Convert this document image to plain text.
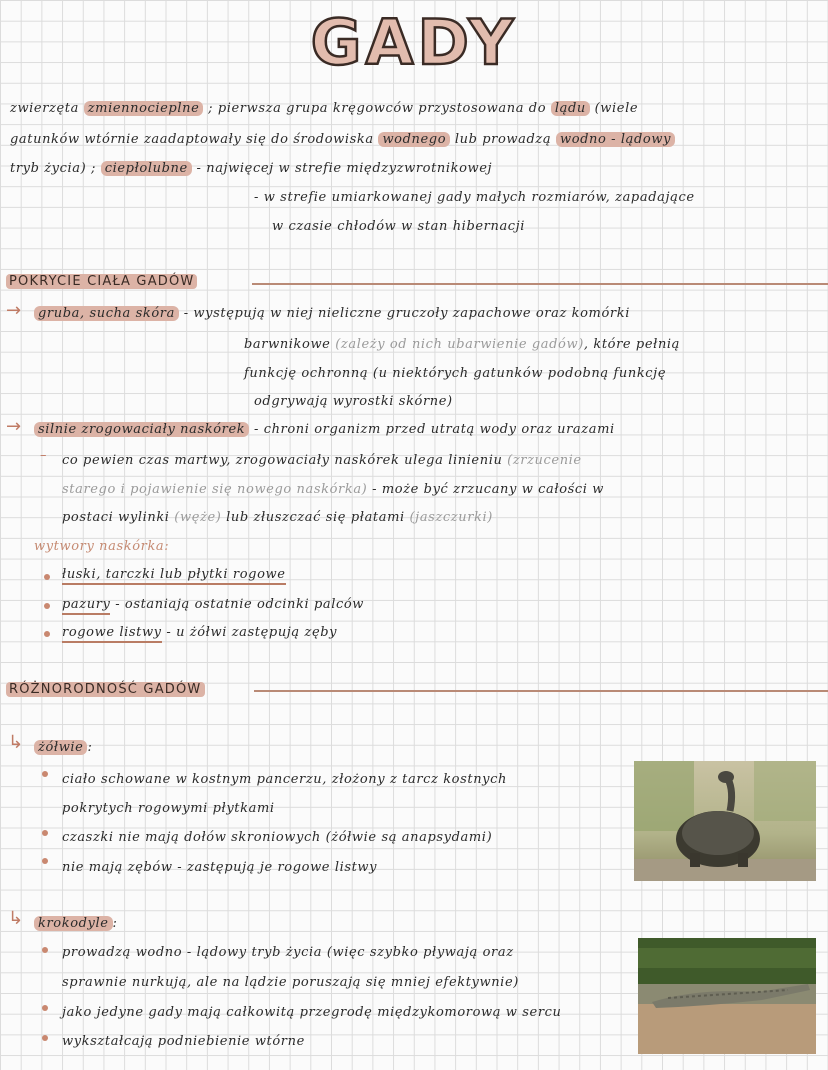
GADY
zwierzęta zmiennocieplne ; pierwsza grupa kręgowców przystosowana do lądu (wiele
gatunków wtórnie zaadaptowały się do środowiska wodnego lub prowadzą wodno - lądowy
tryb życia) ; ciepłolubne - najwięcej w strefie międzyzwrotnikowej
- w strefie umiarkowanej gady małych rozmiarów, zapadające
w czasie chłodów w stan hibernacji
POKRYCIE CIAŁA GADÓW
→	gruba, sucha skóra - występują w niej nieliczne gruczoły zapachowe oraz komórki
barwnikowe (zależy od nich ubarwienie gadów), które pełnią
funkcję ochronną (u niektórych gatunków podobną funkcję
odgrywają wyrostki skórne)
→	silnie zrogowaciały naskórek - chroni organizm przed utratą wody oraz urazami
– co pewien czas martwy, zrogowaciały naskórek ulega linieniu (zrzucenie
starego i pojawienie się nowego naskórka) - może być zrzucany w całości w
postaci wylinki (węże) lub złuszczać się płatami (jaszczurki)
wytwory naskórka:
łuski, tarczki lub płytki rogowe
pazury - ostaniają ostatnie odcinki palców
rogowe listwy - u żółwi zastępują zęby
RÓŻNORODNOŚĆ GADÓW
↳	żółwie :
ciało schowane w kostnym pancerzu, złożony z tarcz kostnych
pokrytych rogowymi płytkami
czaszki nie mają dołów skroniowych (żółwie są anapsydami)
nie mają zębów - zastępują je rogowe listwy
↳	krokodyle :
prowadzą wodno - lądowy tryb życia (więc szybko pływają oraz
sprawnie nurkują, ale na lądzie poruszają się mniej efektywnie)
jako jedyne gady mają całkowitą przegrodę międzykomorową w sercu
wykształcają podniebienie wtórne
